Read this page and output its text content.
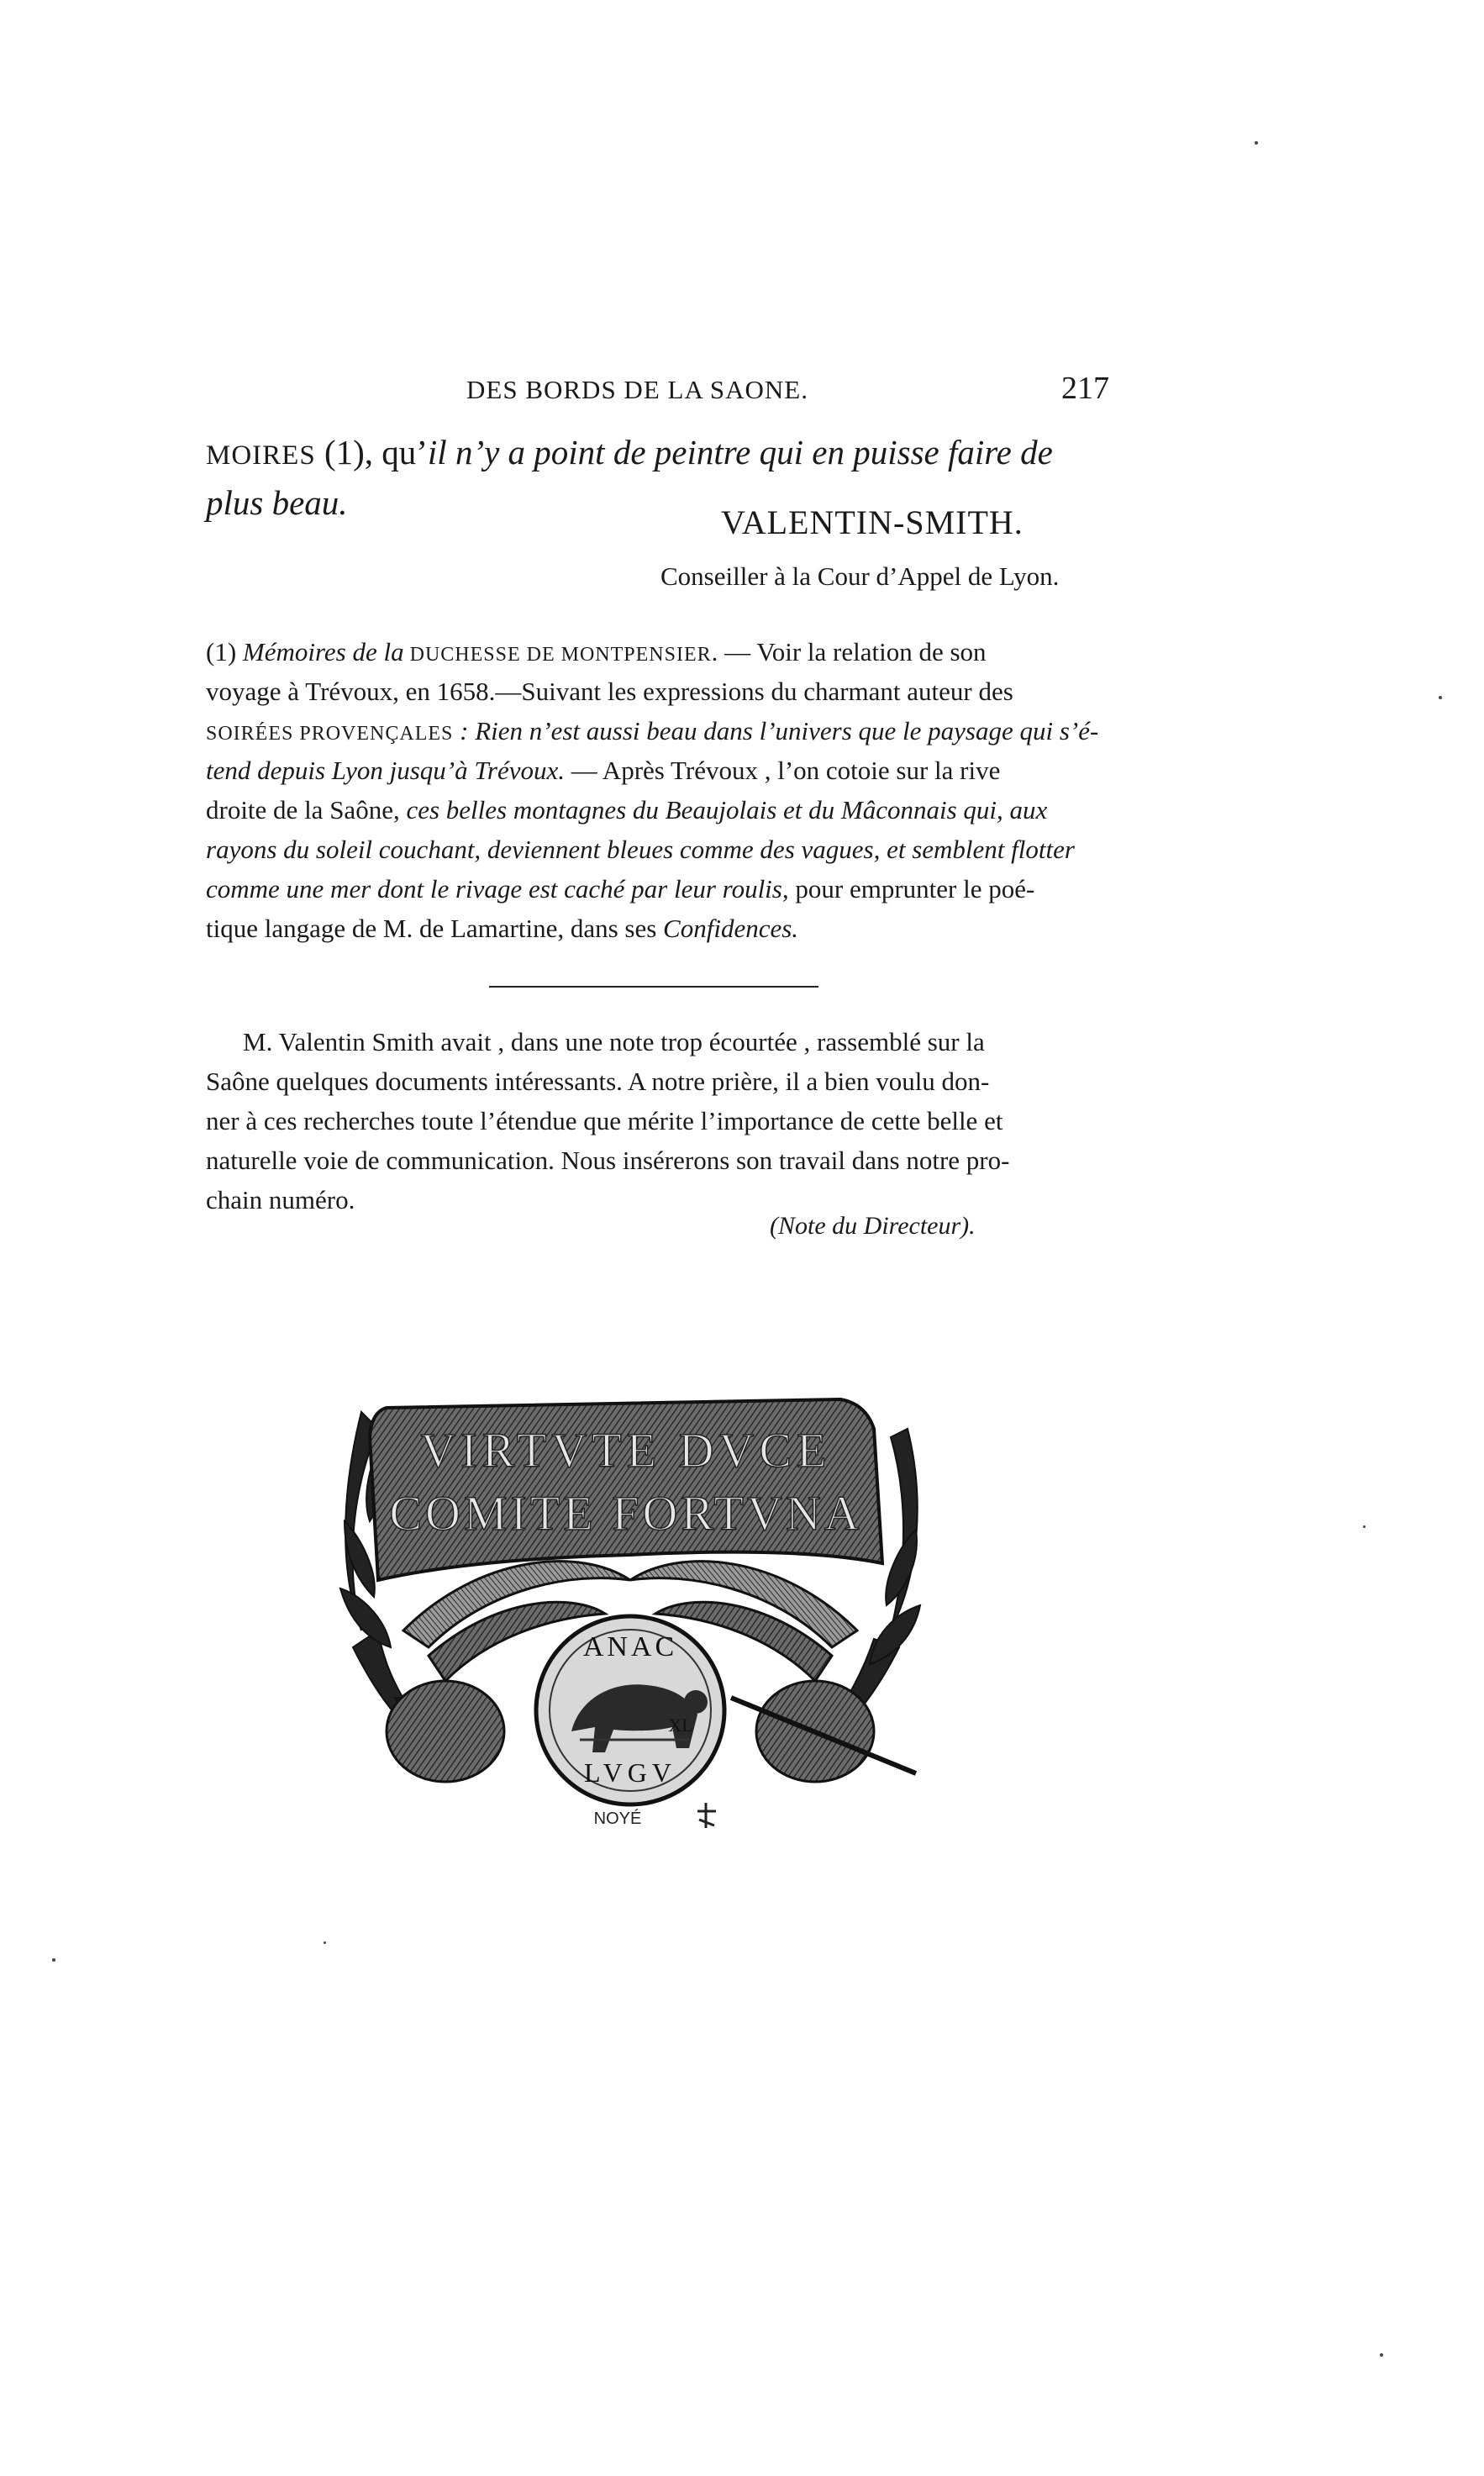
DES BORDS DE LA SAONE.	217
MOIRES (1), qu’il n’y a point de peintre qui en puisse faire de
plus beau.
VALENTIN-SMITH.
Conseiller à la Cour d’Appel de Lyon.
(1) Mémoires de la DUCHESSE DE MONTPENSIER. — Voir la relation de son
voyage à Trévoux, en 1658.—Suivant les expressions du charmant auteur des
SOIRÉES PROVENÇALES : Rien n’est aussi beau dans l’univers que le paysage qui s’é-
tend depuis Lyon jusqu’à Trévoux. — Après Trévoux , l’on cotoie sur la rive
droite de la Saône, ces belles montagnes du Beaujolais et du Mâconnais qui, aux
rayons du soleil couchant, deviennent bleues comme des vagues, et semblent flotter
comme une mer dont le rivage est caché par leur roulis, pour emprunter le poé-
tique langage de M. de Lamartine, dans ses Confidences.
M. Valentin Smith avait , dans une note trop écourtée , rassemblé sur la
Saône quelques documents intéressants. A notre prière, il a bien voulu don-
ner à ces recherches toute l’étendue que mérite l’importance de cette belle et
naturelle voie de communication. Nous insérerons son travail dans notre pro-
chain numéro.
(Note du Directeur).
VIRTVTE DVCE
COMITE FORTVNA
ANAC
LVGV
XL
NOYÉ
